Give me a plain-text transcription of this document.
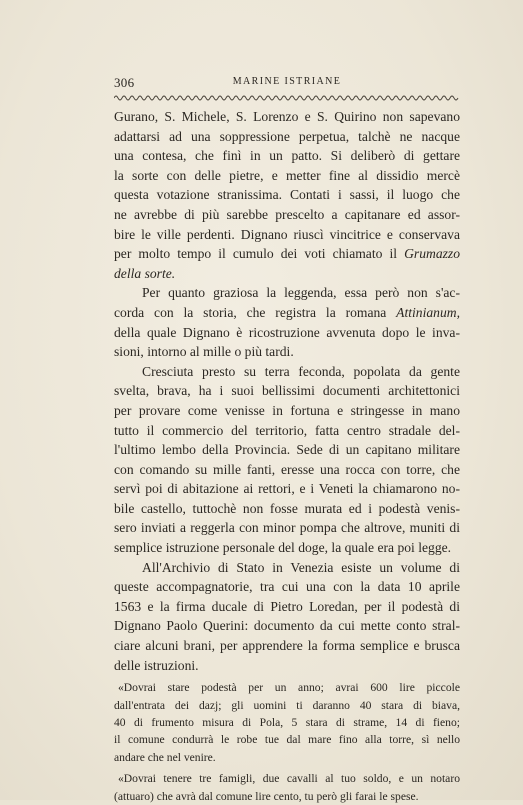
306	MARINE ISTRIANE
Gurano, S. Michele, S. Lorenzo e S. Quirino non sapevano
adattarsi ad una soppressione perpetua, talchè ne nacque
una contesa, che finì in un patto. Si deliberò di gettare
la sorte con delle pietre, e metter fine al dissidio mercè
questa votazione stranissima. Contati i sassi, il luogo che
ne avrebbe di più sarebbe prescelto a capitanare ed assor-
bire le ville perdenti. Dignano riuscì vincitrice e conservava
per molto tempo il cumulo dei voti chiamato il Grumazzo
della sorte.
Per quanto graziosa la leggenda, essa però non s'ac-
corda con la storia, che registra la romana Attinianum,
della quale Dignano è ricostruzione avvenuta dopo le inva-
sioni, intorno al mille o più tardi.
Cresciuta presto su terra feconda, popolata da gente
svelta, brava, ha i suoi bellissimi documenti architettonici
per provare come venisse in fortuna e stringesse in mano
tutto il commercio del territorio, fatta centro stradale del-
l'ultimo lembo della Provincia. Sede di un capitano militare
con comando su mille fanti, eresse una rocca con torre, che
servì poi di abitazione ai rettori, e i Veneti la chiamarono no-
bile castello, tuttochè non fosse murata ed i podestà venis-
sero inviati a reggerla con minor pompa che altrove, muniti di
semplice istruzione personale del doge, la quale era poi legge.
All'Archivio di Stato in Venezia esiste un volume di
queste accompagnatorie, tra cui una con la data 10 aprile
1563 e la firma ducale di Pietro Loredan, per il podestà di
Dignano Paolo Querini: documento da cui mette conto stral-
ciare alcuni brani, per apprendere la forma semplice e brusca
delle istruzioni.
«Dovrai stare podestà per un anno; avrai 600 lire piccole
dall'entrata dei dazj; gli uomini ti daranno 40 stara di biava,
40 di frumento misura di Pola, 5 stara di strame, 14 di fieno;
il comune condurrà le robe tue dal mare fino alla torre, sì nello
andare che nel venire.
«Dovrai tenere tre famigli, due cavalli al tuo soldo, e un notaro
(attuaro) che avrà dal comune lire cento, tu però gli farai le spese.
